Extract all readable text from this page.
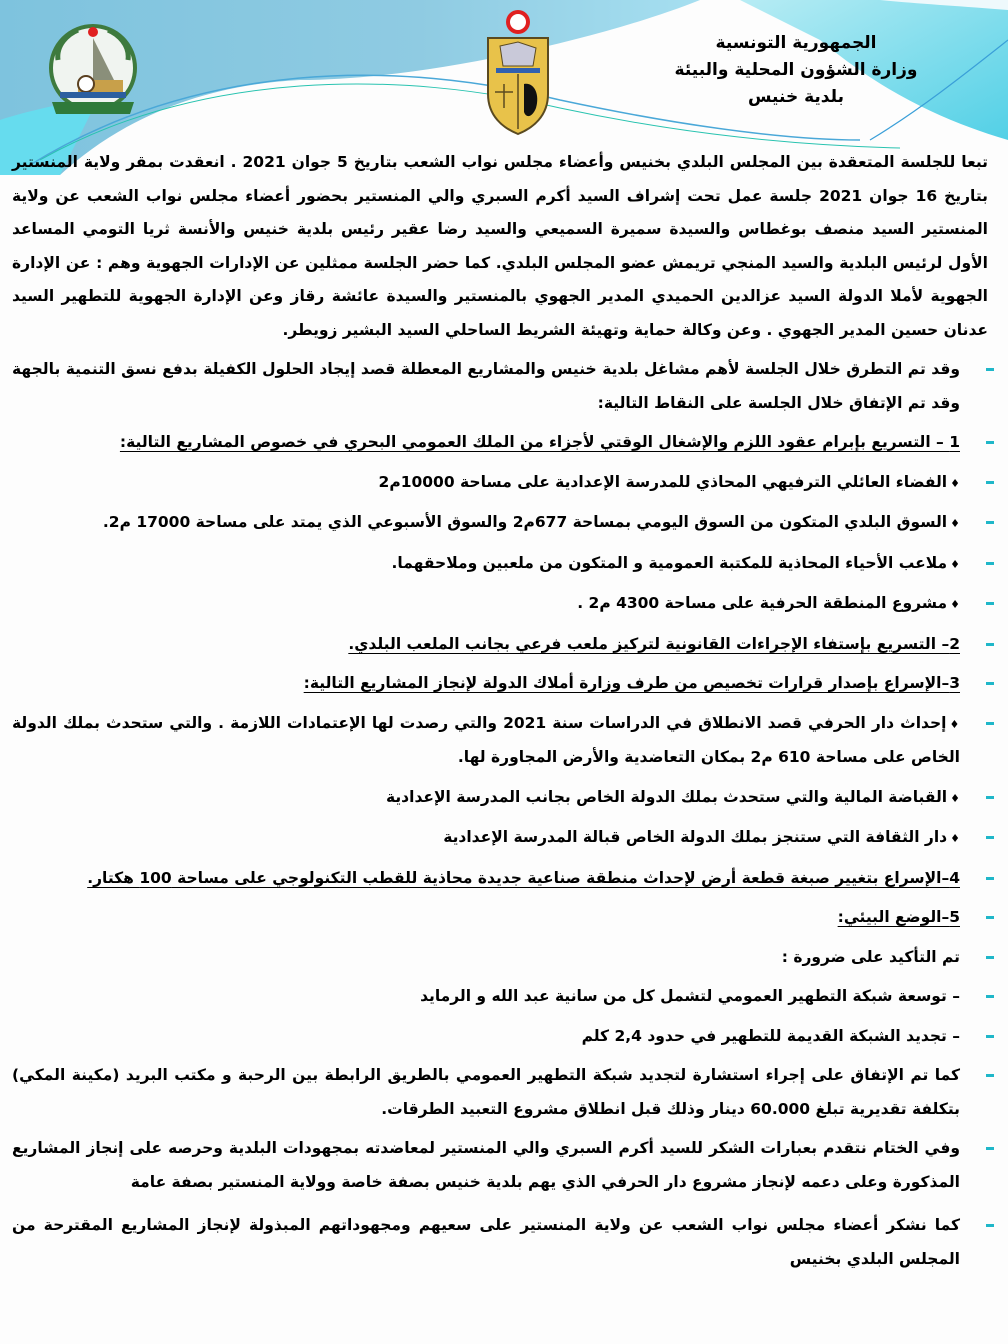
الجمهورية التونسية
وزارة الشؤون المحلية والبيئة
بلدية خنيس

تبعا للجلسة المتعقدة بين المجلس البلدي بخنيس وأعضاء مجلس نواب الشعب بتاريخ 5 جوان 2021 . انعقدت بمقر ولاية المنستير بتاريخ 16 جوان 2021 جلسة عمل تحت إشراف السيد أكرم السبري والي المنستير بحضور أعضاء مجلس نواب الشعب عن ولاية المنستير السيد منصف بوغطاس والسيدة سميرة السميعي والسيد رضا عقير رئيس بلدية خنيس والأنسة ثريا التومي المساعد الأول لرئيس البلدية والسيد المنجي تريمش عضو المجلس البلدي. كما حضر الجلسة ممثلين عن الإدارات الجهوية وهم : عن الإدارة الجهوية لأملا الدولة السيد عزالدين الحميدي المدير الجهوي بالمنستير والسيدة عائشة رقاز وعن الإدارة الجهوية للتطهير السيد عدنان حسين المدير الجهوي . وعن وكالة حماية وتهيئة الشريط الساحلي السيد البشير زويطر.

وقد تم التطرق خلال الجلسة لأهم مشاغل بلدية خنيس والمشاريع المعطلة قصد إيجاد الحلول الكفيلة بدفع نسق التنمية بالجهة وقد تم الإتفاق خلال الجلسة على النقاط التالية:
1 – التسريع بإبرام عقود اللزم والإشغال الوقتي لأجزاء من الملك العمومي البحري في خصوص المشاريع التالية:
♦الفضاء العائلي الترفيهي المحاذي للمدرسة الإعدادية على مساحة 10000م2
♦السوق البلدي المتكون من السوق اليومي بمساحة 677م2 والسوق الأسبوعي الذي يمتد على مساحة 17000 م2.
♦ملاعب الأحياء المحاذية للمكتبة العمومية و المتكون من ملعبين وملاحقهما.
♦مشروع المنطقة الحرفية على مساحة 4300 م2 .
2– التسريع بإستفاء الإجراءات القانونية لتركيز ملعب فرعي بجانب الملعب البلدي.
3–الإسراع بإصدار قرارات تخصيص من طرف وزارة أملاك الدولة لإنجاز المشاريع التالية:
♦إحداث دار الحرفي قصد الانطلاق في الدراسات سنة 2021 والتي رصدت لها الإعتمادات اللازمة . والتي ستحدث بملك الدولة الخاص على مساحة 610 م2 بمكان التعاضدية والأرض المجاورة لها.
♦القباضة المالية والتي ستحدث بملك الدولة الخاص بجانب المدرسة الإعدادية
♦دار الثقافة التي ستنجز بملك الدولة الخاص قبالة المدرسة الإعدادية
4–الإسراع بتغيير صبغة قطعة أرض لإحداث منطقة صناعية جديدة محاذية للقطب التكنولوجي على مساحة 100 هكتار.
5–الوضع البيئي:
تم التأكيد على ضرورة :
– توسعة شبكة التطهير العمومي لتشمل كل من سانية عبد الله و الرمايد
– تجديد الشبكة القديمة للتطهير في حدود 2,4 كلم
كما تم الإتفاق على إجراء استشارة لتجديد شبكة التطهير العمومي بالطريق الرابطة بين الرحبة و مكتب البريد (مكينة المكي) بتكلفة تقديرية تبلغ 60.000 دينار وذلك قبل انطلاق مشروع التعبيد الطرقات.
وفي الختام نتقدم بعبارات الشكر للسيد أكرم السبري والي المنستير لمعاضدته بمجهودات البلدية وحرصه على إنجاز المشاريع المذكورة وعلى دعمه لإنجاز مشروع دار الحرفي الذي يهم بلدية خنيس بصفة خاصة وولاية المنستير بصفة عامة
كما نشكر أعضاء مجلس نواب الشعب عن ولاية المنستير على سعيهم ومجهوداتهم المبذولة لإنجاز المشاريع المقترحة من المجلس البلدي بخنيس
